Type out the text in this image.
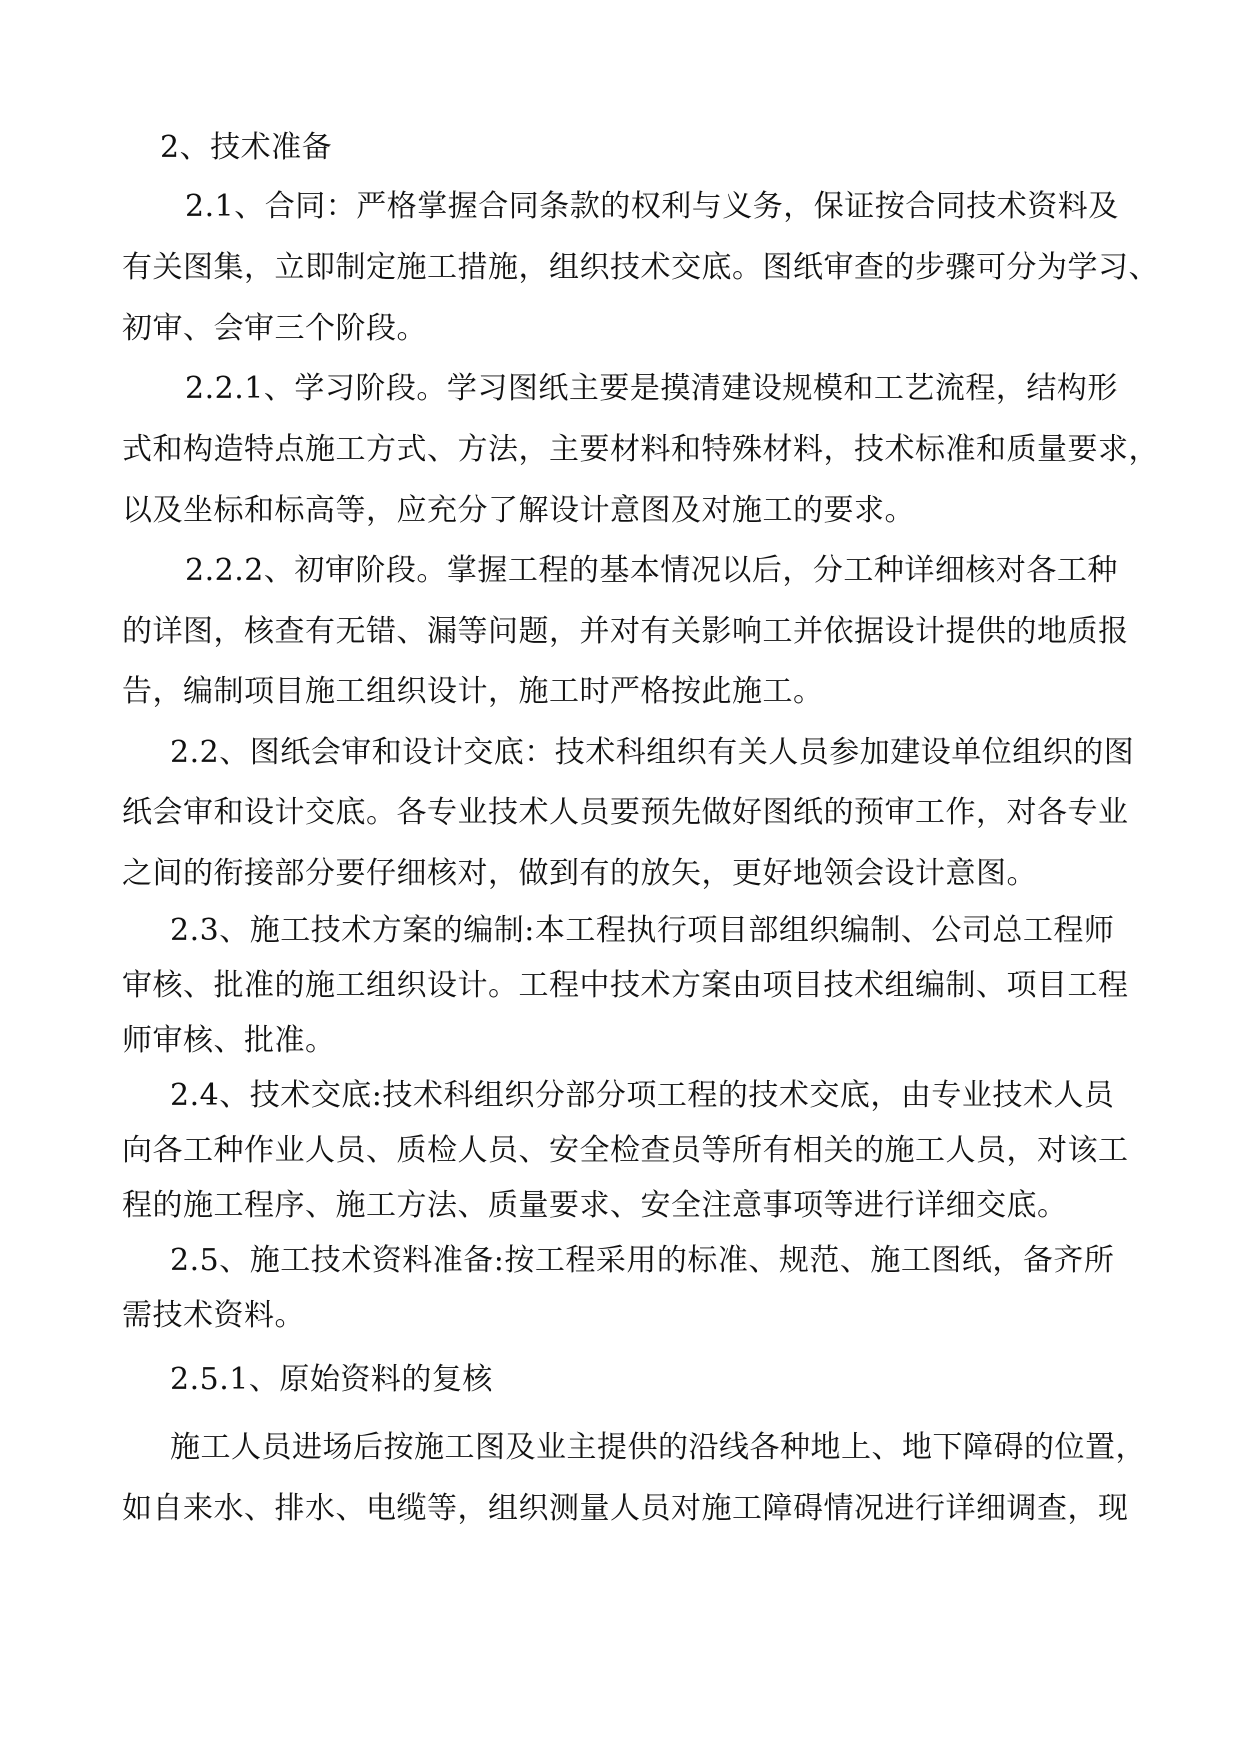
2、技术准备
2.1、合同：严格掌握合同条款的权利与义务，保证按合同技术资料及
有关图集，立即制定施工措施，组织技术交底。图纸审查的步骤可分为学习、
初审、会审三个阶段。
2.2.1、学习阶段。学习图纸主要是摸清建设规模和工艺流程，结构形
式和构造特点施工方式、方法，主要材料和特殊材料，技术标准和质量要求，
以及坐标和标高等，应充分了解设计意图及对施工的要求。
2.2.2、初审阶段。掌握工程的基本情况以后，分工种详细核对各工种
的详图，核查有无错、漏等问题，并对有关影响工并依据设计提供的地质报
告，编制项目施工组织设计，施工时严格按此施工。
2.2、图纸会审和设计交底：技术科组织有关人员参加建设单位组织的图
纸会审和设计交底。各专业技术人员要预先做好图纸的预审工作，对各专业
之间的衔接部分要仔细核对，做到有的放矢，更好地领会设计意图。
2.3、施工技术方案的编制:本工程执行项目部组织编制、公司总工程师
审核、批准的施工组织设计。工程中技术方案由项目技术组编制、项目工程
师审核、批准。
2.4、技术交底:技术科组织分部分项工程的技术交底，由专业技术人员
向各工种作业人员、质检人员、安全检查员等所有相关的施工人员，对该工
程的施工程序、施工方法、质量要求、安全注意事项等进行详细交底。
2.5、施工技术资料准备:按工程采用的标准、规范、施工图纸，备齐所
需技术资料。
2.5.1、原始资料的复核
施工人员进场后按施工图及业主提供的沿线各种地上、地下障碍的位置，
如自来水、排水、电缆等，组织测量人员对施工障碍情况进行详细调查，现
